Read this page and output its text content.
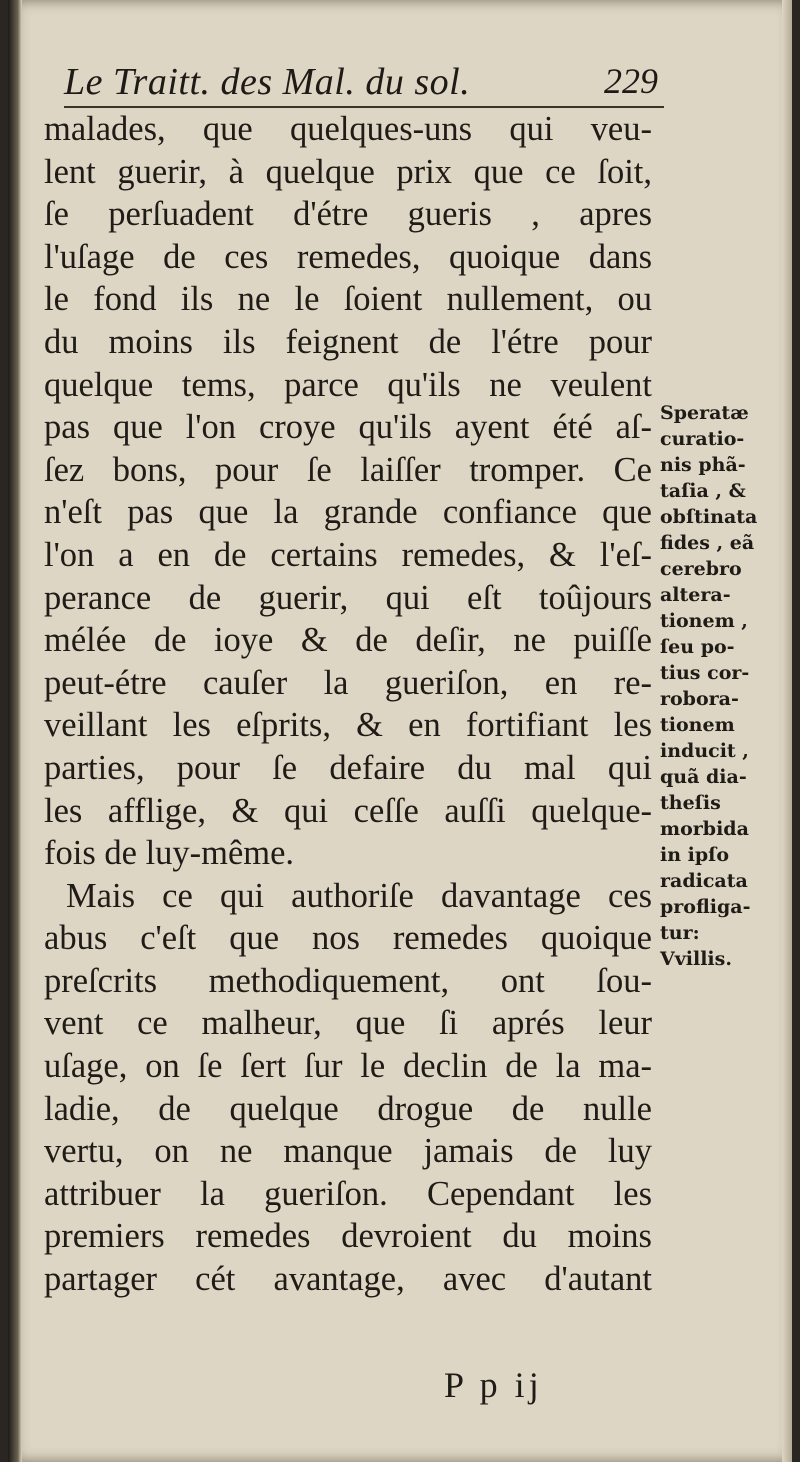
Le Traitt. des Mal. du sol.	229
malades, que quelques-uns qui veu-
lent guerir, à quelque prix que ce ſoit,
ſe perſuadent d'étre gueris , apres
l'uſage de ces remedes, quoique dans
le fond ils ne le ſoient nullement, ou
du moins ils feignent de l'étre pour
quelque tems, parce qu'ils ne veulent
pas que l'on croye qu'ils ayent été aſ-
ſez bons, pour ſe laiſſer tromper. Ce
n'eſt pas que la grande confiance que
l'on a en de certains remedes, & l'eſ-
perance de guerir, qui eſt toûjours
mélée de ioye & de deſir, ne puiſſe
peut-étre cauſer la gueriſon, en re-
veillant les eſprits, & en fortifiant les
parties, pour ſe defaire du mal qui
les afflige, & qui ceſſe auſſi quelque-
fois de luy-même.
Mais ce qui authoriſe davantage ces
abus c'eſt que nos remedes quoique
preſcrits methodiquement, ont ſou-
vent ce malheur, que ſi aprés leur
uſage, on ſe ſert ſur le declin de la ma-
ladie, de quelque drogue de nulle
vertu, on ne manque jamais de luy
attribuer la gueriſon. Cependant les
premiers remedes devroient du moins
partager cét avantage, avec d'autant
Speratæ
curatio-
nis phã-
taſia , &
obſtinata
fides , eã
cerebro
altera-
tionem ,
ſeu po-
tius cor-
robora-
tionem
inducit ,
quã dia-
theſis
morbida
in ipſo
radicata
profliga-
tur:
Vvillis.
P p ij
